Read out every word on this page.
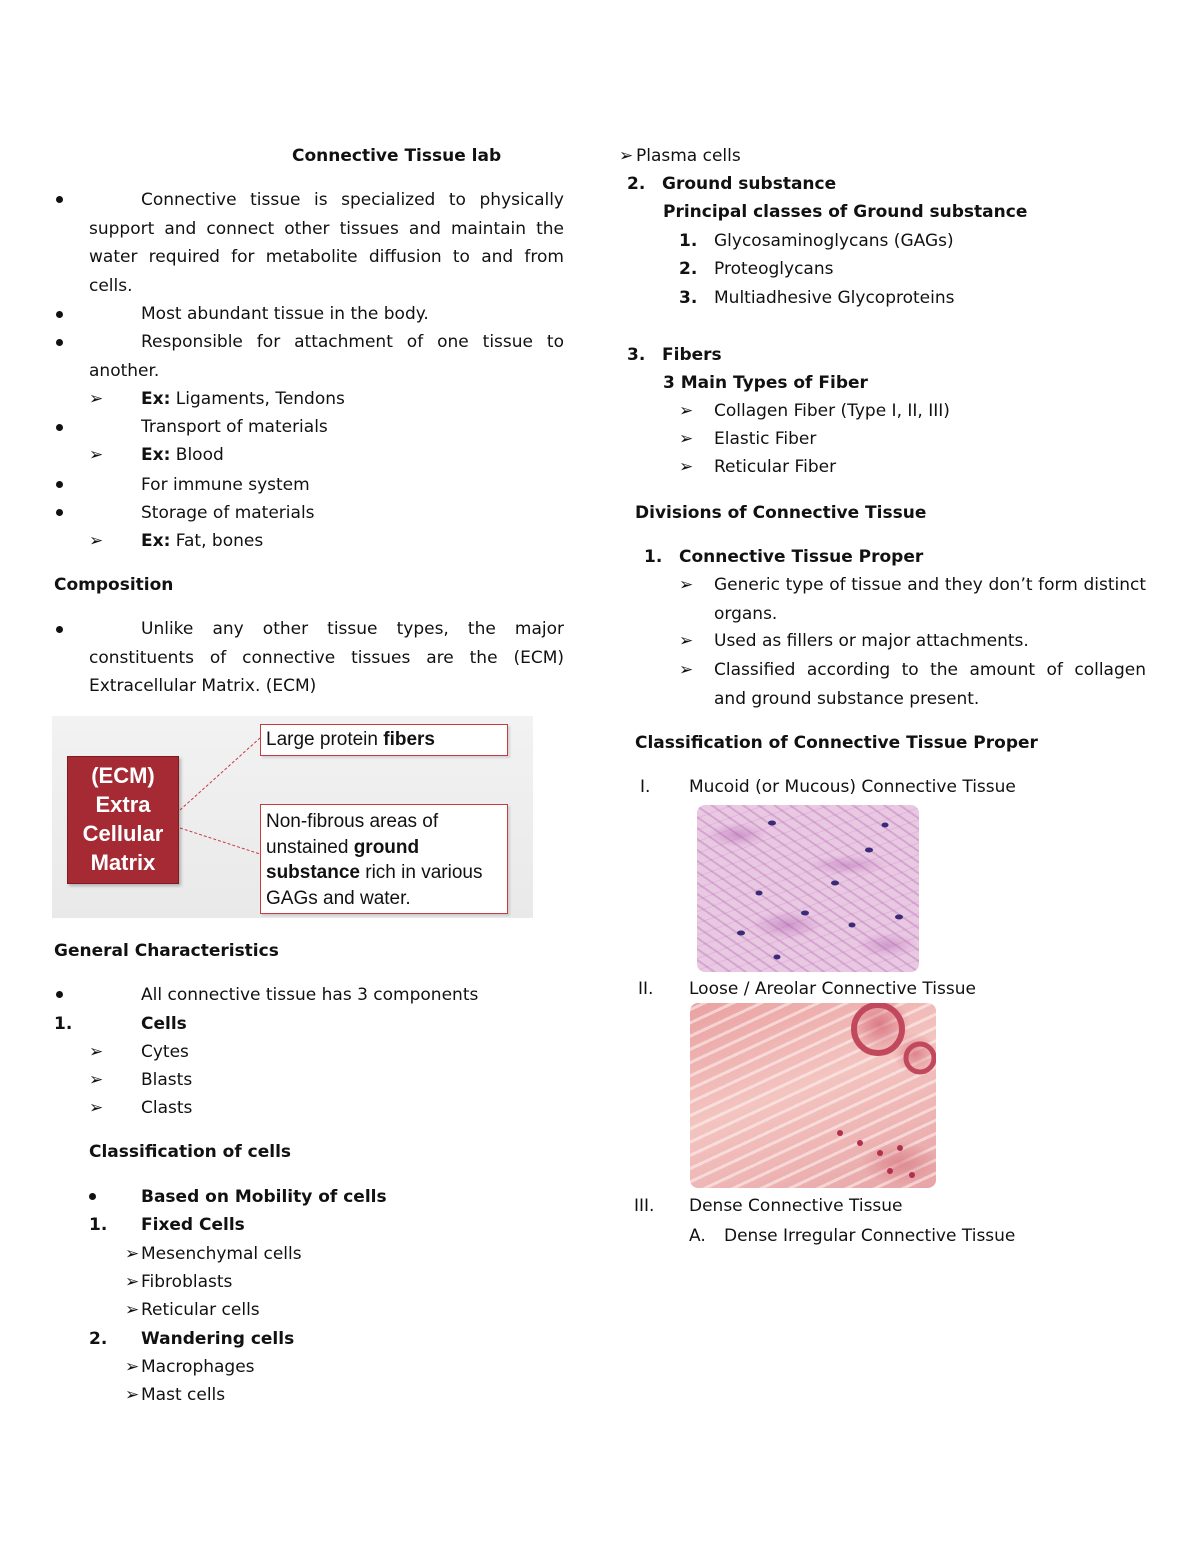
Connective Tissue lab
Connective tissue is specialized to physically support and connect other tissues and maintain the water required for metabolite diffusion to and from cells.
Most abundant tissue in the body.
Responsible for attachment of one tissue to another.
➢ Ex: Ligaments, Tendons
Transport of materials
➢ Ex: Blood
For immune system
Storage of materials
➢ Ex: Fat, bones
Composition
Unlike any other tissue types, the major constituents of connective tissues are the (ECM) Extracellular Matrix. (ECM)
(ECM)
Extra
Cellular
Matrix
Large protein fibers
Non-fibrous areas of
unstained ground
substance rich in various
GAGs and water.
General Characteristics
All connective tissue has 3 components
1.	Cells
➢ Cytes
➢ Blasts
➢ Clasts
Classification of cells
Based on Mobility of cells
1. Fixed Cells
➢ Mesenchymal cells
➢ Fibroblasts
➢ Reticular cells
2. Wandering cells
➢ Macrophages
➢ Mast cells
➢ Plasma cells
2. Ground substance
Principal classes of Ground substance
1. Glycosaminoglycans (GAGs)
2. Proteoglycans
3. Multiadhesive Glycoproteins
3. Fibers
3 Main Types of Fiber
➢ Collagen Fiber (Type I, II, III)
➢ Elastic Fiber
➢ Reticular Fiber
Divisions of Connective Tissue
1. Connective Tissue Proper
➢ Generic type of tissue and they don’t form distinct organs.
➢ Used as fillers or major attachments.
➢ Classified according to the amount of collagen and ground substance present.
Classification of Connective Tissue Proper
I. Mucoid (or Mucous) Connective Tissue
II. Loose / Areolar Connective Tissue
III. Dense Connective Tissue
A. Dense Irregular Connective Tissue
